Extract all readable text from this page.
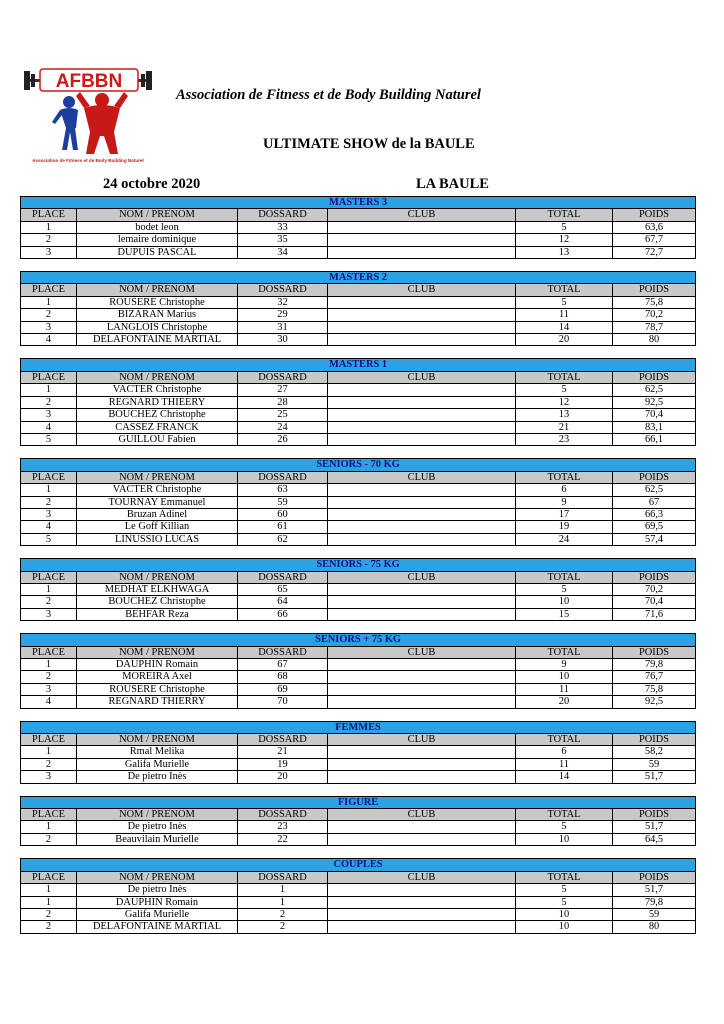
AFBBN
Association de Fitness et de Body Building Naturel
Association de Fitness et de Body Building Naturel
ULTIMATE SHOW de la BAULE
24 octobre 2020	LA BAULE
MASTERS 3					
PLACE	NOM / PRENOM	DOSSARD	CLUB	TOTAL	POIDS
1	bodet leon	33		5	63,6
2	lemaire dominique	35		12	67,7
3	DUPUIS PASCAL	34		13	72,7
MASTERS 2					
PLACE	NOM / PRENOM	DOSSARD	CLUB	TOTAL	POIDS
1	ROUSERE Christophe	32		5	75,8
2	BIZARAN Marius	29		11	70,2
3	LANGLOIS Christophe	31		14	78,7
4	DELAFONTAINE MARTIAL	30		20	80
MASTERS 1					
PLACE	NOM / PRENOM	DOSSARD	CLUB	TOTAL	POIDS
1	VACTER Christophe	27		5	62,5
2	REGNARD THIEERY	28		12	92,5
3	BOUCHEZ Christophe	25		13	70,4
4	CASSEZ FRANCK	24		21	83,1
5	GUILLOU Fabien	26		23	66,1
SENIORS - 70 KG					
PLACE	NOM / PRENOM	DOSSARD	CLUB	TOTAL	POIDS
1	VACTER Christophe	63		6	62,5
2	TOURNAY Emmanuel	59		9	67
3	Bruzan Adinel	60		17	66,3
4	Le Goff Killian	61		19	69,5
5	LINUSSIO LUCAS	62		24	57,4
SENIORS - 75 KG					
PLACE	NOM / PRENOM	DOSSARD	CLUB	TOTAL	POIDS
1	MEDHAT ELKHWAGA	65		5	70,2
2	BOUCHEZ Christophe	64		10	70,4
3	BEHFAR Reza	66		15	71,6
SENIORS + 75 KG					
PLACE	NOM / PRENOM	DOSSARD	CLUB	TOTAL	POIDS
1	DAUPHIN Romain	67		9	79,8
2	MOREIRA Axel	68		10	76,7
3	ROUSERE Christophe	69		11	75,8
4	REGNARD THIERRY	70		20	92,5
FEMMES					
PLACE	NOM / PRENOM	DOSSARD	CLUB	TOTAL	POIDS
1	Rmal Melika	21		6	58,2
2	Galifa Murielle	19		11	59
3	De pietro Inès	20		14	51,7
FIGURE					
PLACE	NOM / PRENOM	DOSSARD	CLUB	TOTAL	POIDS
1	De pietro Inès	23		5	51,7
2	Beauvilain Murielle	22		10	64,5
COUPLES					
PLACE	NOM / PRENOM	DOSSARD	CLUB	TOTAL	POIDS
1	De pietro Inès	1		5	51,7
1	DAUPHIN Romain	1		5	79,8
2	Galifa Murielle	2		10	59
2	DELAFONTAINE MARTIAL	2		10	80
